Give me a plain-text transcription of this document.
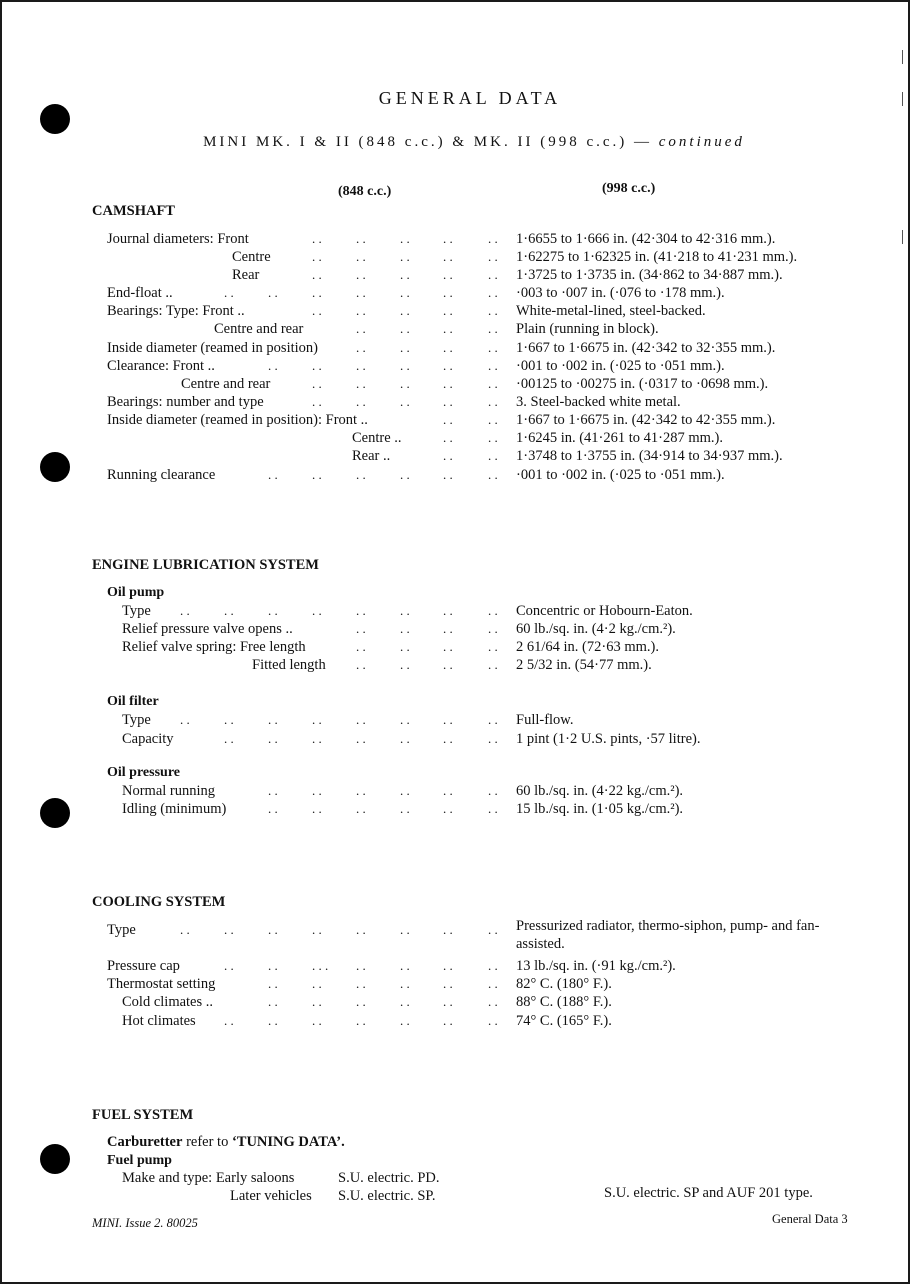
GENERAL DATA
MINI MK. I & II (848 c.c.) & MK. II (998 c.c.) — continued
(848 c.c.)	(998 c.c.)
CAMSHAFT
Journal diameters: Front	. .	. .	. .	. .	. . 1·6655 to 1·666 in. (42·304 to 42·316 mm.).
Centre	. .	. .	. .	. .	. . 1·62275 to 1·62325 in. (41·218 to 41·231 mm.).
Rear	. .	. .	. .	. .	. . 1·3725 to 1·3735 in. (34·862 to 34·887 mm.).
End-float ..	. .	. .	. .	. .	. .	. .	. . ·003 to ·007 in. (·076 to ·178 mm.).
Bearings: Type: Front ..	. .	. .	. .	. .	. . White-metal-lined, steel-backed.
Centre and rear	. .	. .	. .	. . Plain (running in block).
Inside diameter (reamed in position)	. .	. .	. .	. . 1·667 to 1·6675 in. (42·342 to 32·355 mm.).
Clearance: Front ..	. .	. .	. .	. .	. .	. . ·001 to ·002 in. (·025 to ·051 mm.).
Centre and rear	. .	. .	. .	. .	. . ·00125 to ·00275 in. (·0317 to ·0698 mm.).
Bearings: number and type	. .	. .	. .	. .	. . 3. Steel-backed white metal.
Inside diameter (reamed in position): Front ..	. .	. . 1·667 to 1·6675 in. (42·342 to 42·355 mm.).
Centre ..	. .	. . 1·6245 in. (41·261 to 41·287 mm.).
Rear ..	. .	. . 1·3748 to 1·3755 in. (34·914 to 34·937 mm.).
Running clearance	. .	. .	. .	. .	. .	. . ·001 to ·002 in. (·025 to ·051 mm.).
ENGINE LUBRICATION SYSTEM
Oil pump
Type . .	. .	. .	. .	. .	. .	. .	. . Concentric or Hobourn-Eaton.
Relief pressure valve opens ..	. .	. .	. .	. . 60 lb./sq. in. (4·2 kg./cm.²).
Relief valve spring: Free length	. .	. .	. .	. . 2 61/64 in. (72·63 mm.).
Fitted length . .	. .	. .	. . 2 5/32 in. (54·77 mm.).
Oil filter
Type . .	. .	. .	. .	. .	. .	. .	. . Full-flow.
Capacity	. .	. .	. .	. .	. .	. .	. . 1 pint (1·2 U.S. pints, ·57 litre).
Oil pressure
Normal running	. .	. .	. .	. .	. .	. . 60 lb./sq. in. (4·22 kg./cm.²).
Idling (minimum)	. .	. .	. .	. .	. .	. . 15 lb./sq. in. (1·05 kg./cm.²).
COOLING SYSTEM
Type	. .	. .	. .	. .	. .	. .	. .	. . Pressurized radiator, thermo-siphon, pump- and fan-assisted.
Pressure cap	. .	. .	. . . . .	. .	. .	. . 13 lb./sq. in. (·91 kg./cm.²).
Thermostat setting	. .	. .	. .	. .	. .	. . 82° C. (180° F.).
Cold climates ..	. .	. .	. .	. .	. .	. . 88° C. (188° F.).
Hot climates . .	. .	. .	. .	. .	. .	. . 74° C. (165° F.).
FUEL SYSTEM
Carburetter refer to ‘TUNING DATA’.
Fuel pump
Make and type: Early saloons	S.U. electric. PD.
Later vehicles S.U. electric. SP.	S.U. electric. SP and AUF 201 type.
MINI. Issue 2. 80025	General Data 3
